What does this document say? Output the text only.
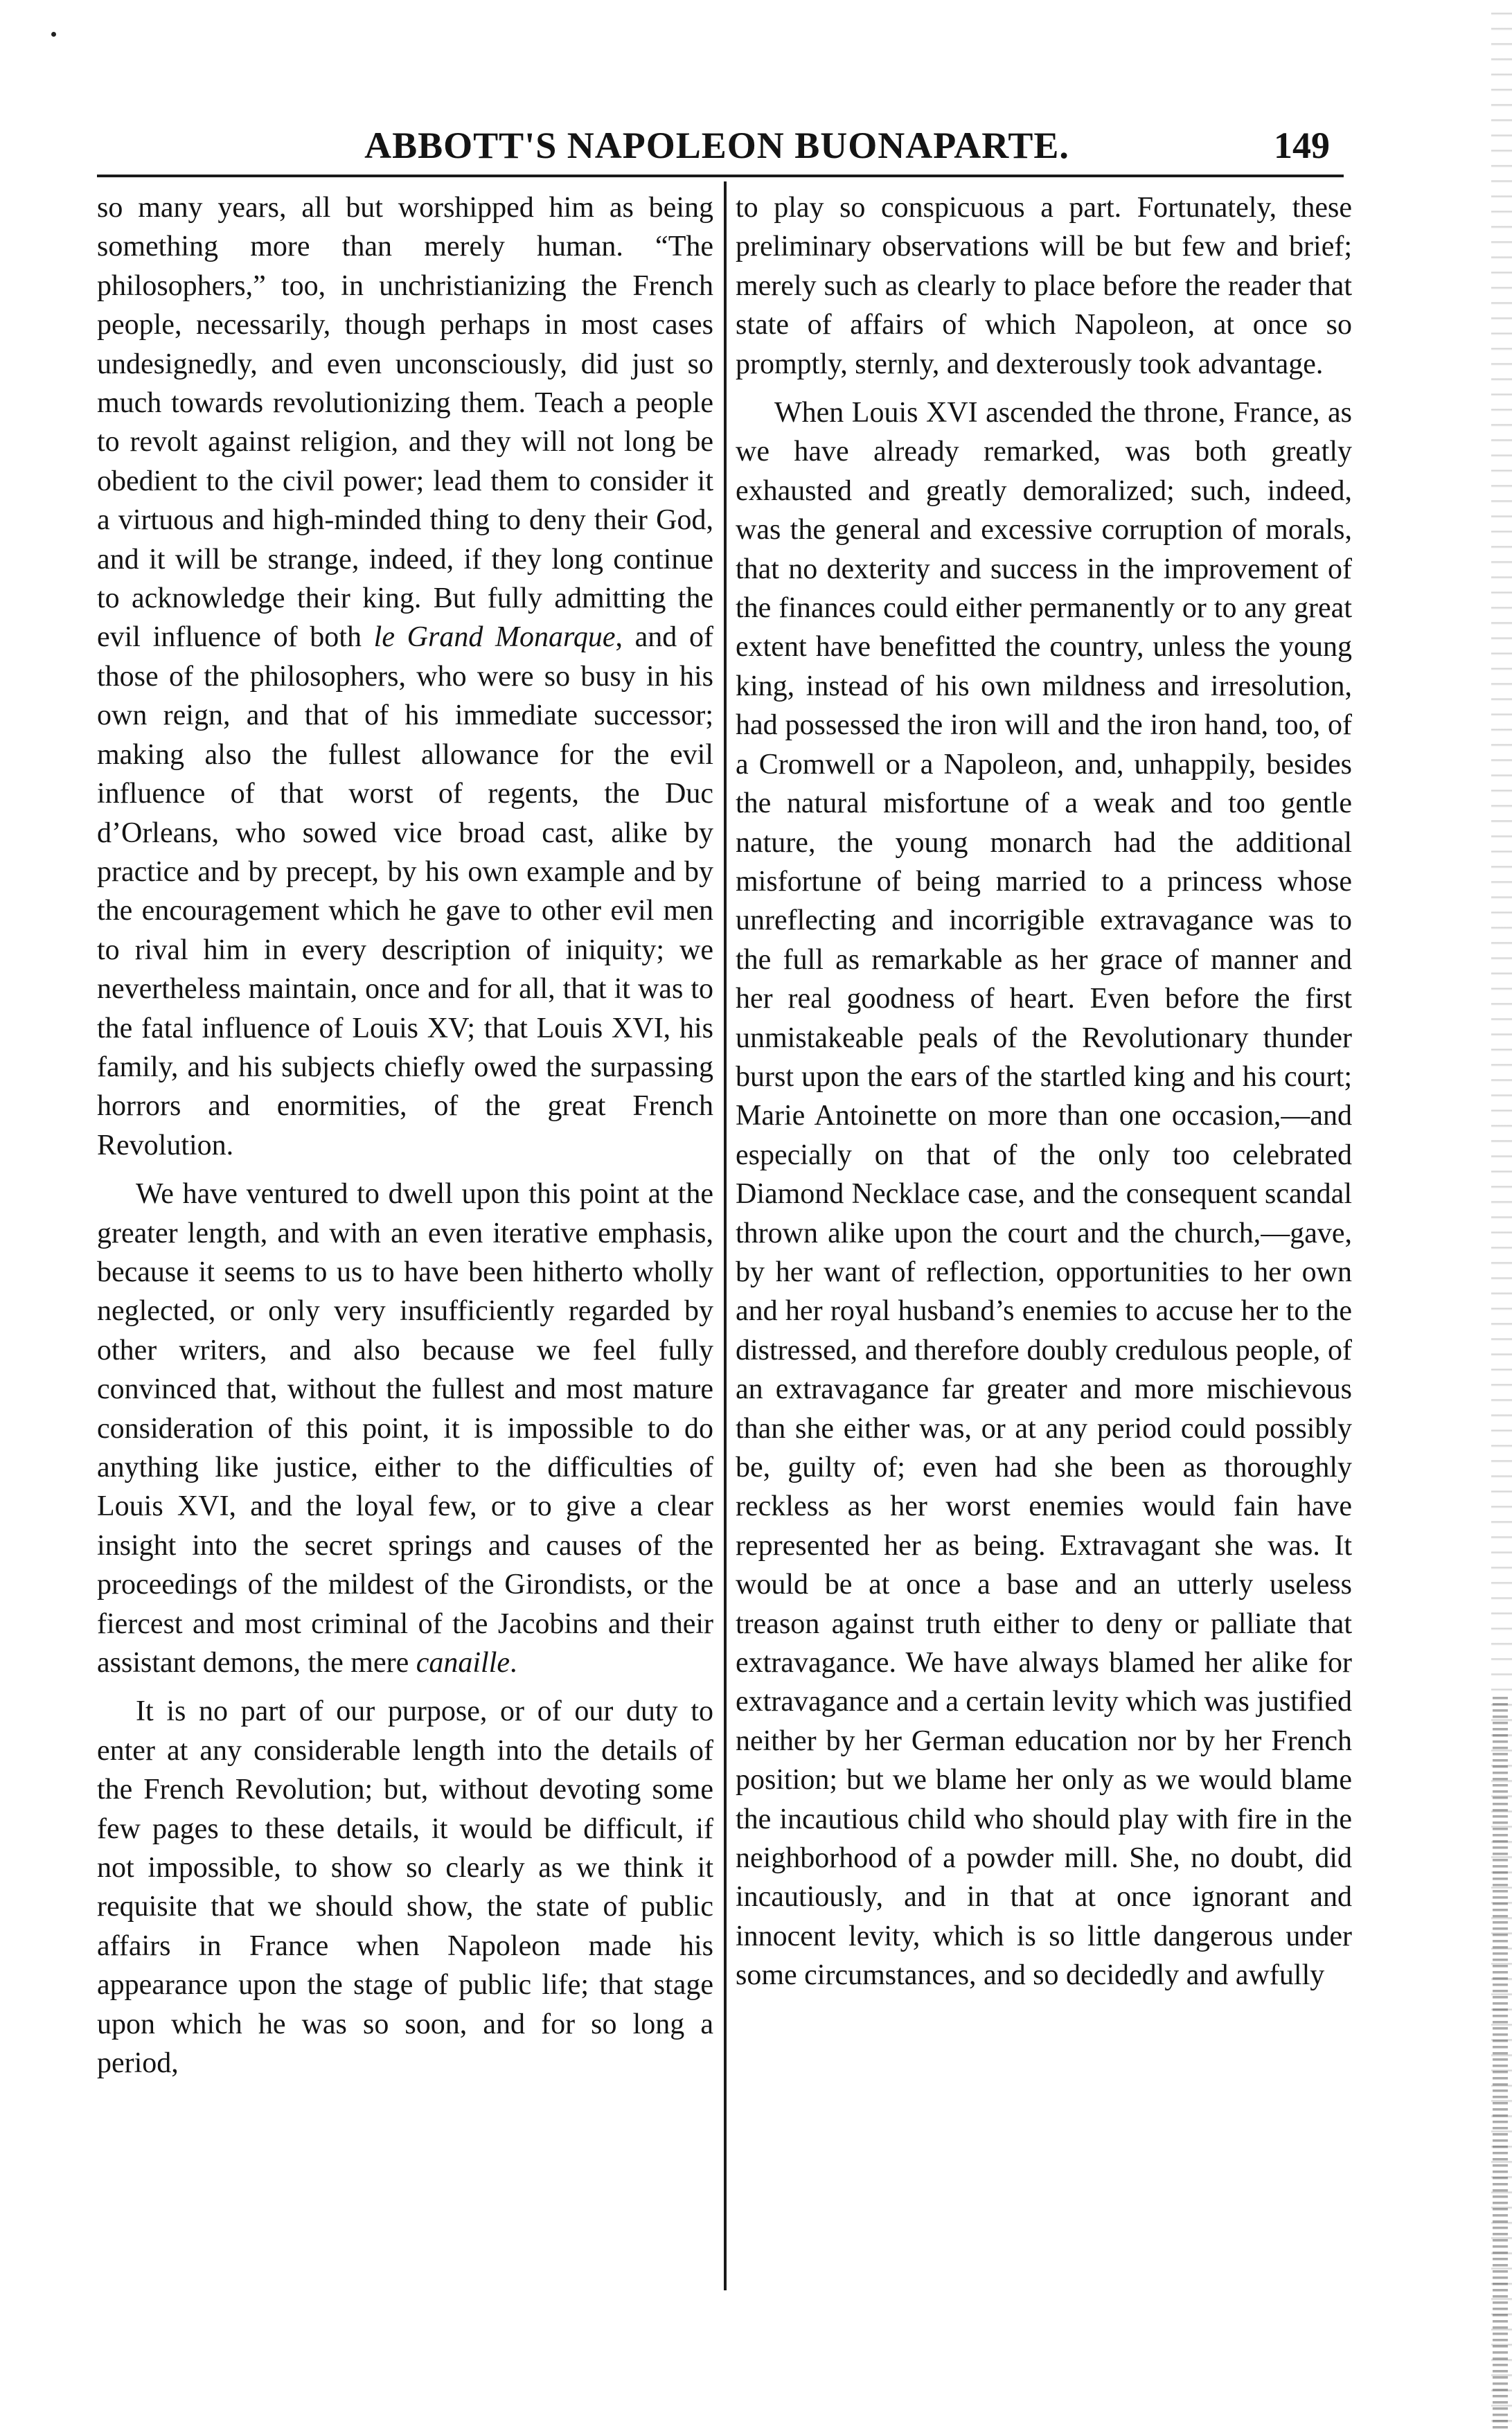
ABBOTT'S NAPOLEON BUONAPARTE.	149

so many years, all but worshipped him as being something more than merely human. “The philosophers,” too, in unchristianizing the French people, necessarily, though perhaps in most cases undesignedly, and even unconsciously, did just so much towards revolutionizing them. Teach a people to revolt against religion, and they will not long be obedient to the civil power; lead them to consider it a virtuous and high-minded thing to deny their God, and it will be strange, indeed, if they long continue to acknowledge their king. But fully admitting the evil influence of both le Grand Monarque, and of those of the philosophers, who were so busy in his own reign, and that of his immediate successor; making also the fullest allowance for the evil influence of that worst of regents, the Duc d’Orleans, who sowed vice broad cast, alike by practice and by precept, by his own example and by the encouragement which he gave to other evil men to rival him in every description of iniquity; we nevertheless maintain, once and for all, that it was to the fatal influence of Louis XV; that Louis XVI, his family, and his subjects chiefly owed the surpassing horrors and enormities, of the great French Revolution.

We have ventured to dwell upon this point at the greater length, and with an even iterative emphasis, because it seems to us to have been hitherto wholly neglected, or only very insufficiently regarded by other writers, and also because we feel fully convinced that, without the fullest and most mature consideration of this point, it is impossible to do anything like justice, either to the difficulties of Louis XVI, and the loyal few, or to give a clear insight into the secret springs and causes of the proceedings of the mildest of the Girondists, or the fiercest and most criminal of the Jacobins and their assistant demons, the mere canaille.

It is no part of our purpose, or of our duty to enter at any considerable length into the details of the French Revolution; but, without devoting some few pages to these details, it would be difficult, if not impossible, to show so clearly as we think it requisite that we should show, the state of public affairs in France when Napoleon made his appearance upon the stage of public life; that stage upon which he was so soon, and for so long a period,

to play so conspicuous a part. Fortunately, these preliminary observations will be but few and brief; merely such as clearly to place before the reader that state of affairs of which Napoleon, at once so promptly, sternly, and dexterously took advantage.

When Louis XVI ascended the throne, France, as we have already remarked, was both greatly exhausted and greatly demoralized; such, indeed, was the general and excessive corruption of morals, that no dexterity and success in the improvement of the finances could either permanently or to any great extent have benefitted the country, unless the young king, instead of his own mildness and irresolution, had possessed the iron will and the iron hand, too, of a Cromwell or a Napoleon, and, unhappily, besides the natural misfortune of a weak and too gentle nature, the young monarch had the additional misfortune of being married to a princess whose unreflecting and incorrigible extravagance was to the full as remarkable as her grace of manner and her real goodness of heart. Even before the first unmistakeable peals of the Revolutionary thunder burst upon the ears of the startled king and his court; Marie Antoinette on more than one occasion,—and especially on that of the only too celebrated Diamond Necklace case, and the consequent scandal thrown alike upon the court and the church,—gave, by her want of reflection, opportunities to her own and her royal husband’s enemies to accuse her to the distressed, and therefore doubly credulous people, of an extravagance far greater and more mischievous than she either was, or at any period could possibly be, guilty of; even had she been as thoroughly reckless as her worst enemies would fain have represented her as being. Extravagant she was. It would be at once a base and an utterly useless treason against truth either to deny or palliate that extravagance. We have always blamed her alike for extravagance and a certain levity which was justified neither by her German education nor by her French position; but we blame her only as we would blame the incautious child who should play with fire in the neighborhood of a powder mill. She, no doubt, did incautiously, and in that at once ignorant and innocent levity, which is so little dangerous under some circumstances, and so decidedly and awfully
